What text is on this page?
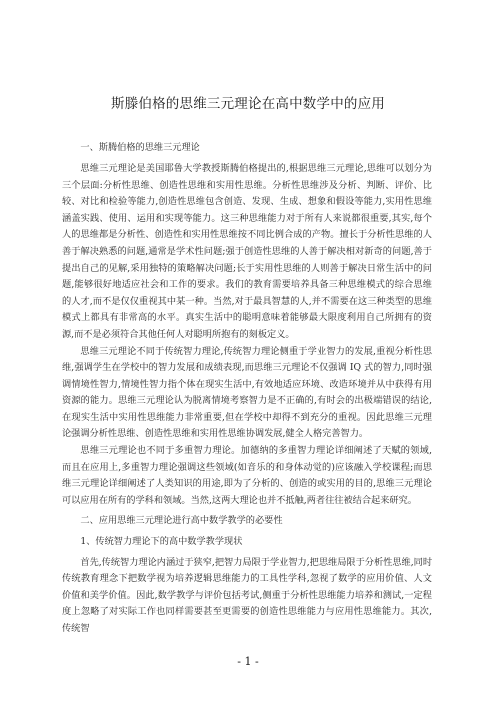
斯滕伯格的思维三元理论在高中数学中的应用

一、斯腾伯格的思维三元理论

思维三元理论是美国耶鲁大学教授斯腾伯格提出的,根据思维三元理论,思维可以划分为三个层面:分析性思维、创造性思维和实用性思维。分析性思维涉及分析、判断、评价、比较、对比和检验等能力,创造性思维包含创造、发现、生成、想象和假设等能力,实用性思维涵盖实践、使用、运用和实现等能力。这三种思维能力对于所有人来说都很重要,其实,每个人的思维都是分析性、创造性和实用性思维按不同比例合成的产物。擅长于分析性思维的人善于解决熟悉的问题,通常是学术性问题;强于创造性思维的人善于解决相对新奇的问题,善于提出自己的见解,采用独特的策略解决问题;长于实用性思维的人则善于解决日常生活中的问题,能够很好地适应社会和工作的要求。我们的教育需要培养具备三种思维模式的综合思维的人才,而不是仅仅重视其中某一种。当然,对于最具智慧的人,并不需要在这三种类型的思维模式上都具有非常高的水平。真实生活中的聪明意味着能够最大限度利用自己所拥有的资源,而不是必须符合其他任何人对聪明所抱有的刻板定义。

思维三元理论不同于传统智力理论,传统智力理论侧重于学业智力的发展,重视分析性思维,强调学生在学校中的智力发展和成绩表现,而思维三元理论不仅强调 IQ 式的智力,同时强调情境性智力,情境性智力指个体在现实生活中,有效地适应环境、改造环境并从中获得有用资源的能力。思维三元理论认为脱离情境考察智力是不正确的,有时会的出极端错误的结论,在现实生活中实用性思维能力非常重要,但在学校中却得不到充分的重视。因此思维三元理论强调分析性思维、创造性思维和实用性思维协调发展,健全人格完善智力。

思维三元理论也不同于多重智力理论。加德纳的多重智力理论详细阐述了天赋的领域,而且在应用上,多重智力理论强调这些领域(如音乐的和身体动觉的)应该融入学校课程;而思维三元理论详细阐述了人类知识的用途,即为了分析的、创造的或实用的目的,思维三元理论可以应用在所有的学科和领域。当然,这两大理论也并不抵触,两者往往被结合起来研究。

二、应用思维三元理论进行高中数学教学的必要性

1、传统智力理论下的高中数学教学现状

首先,传统智力理论内涵过于狭窄,把智力局限于学业智力,把思维局限于分析性思维,同时传统教育理念下把数学视为培养逻辑思维能力的工具性学科,忽视了数学的应用价值、人文价值和美学价值。因此,数学教学与评价包括考试,侧重于分析性思维能力培养和测试,一定程度上忽略了对实际工作也同样需要甚至更需要的创造性思维能力与应用性思维能力。其次,传统智

- 1 -
